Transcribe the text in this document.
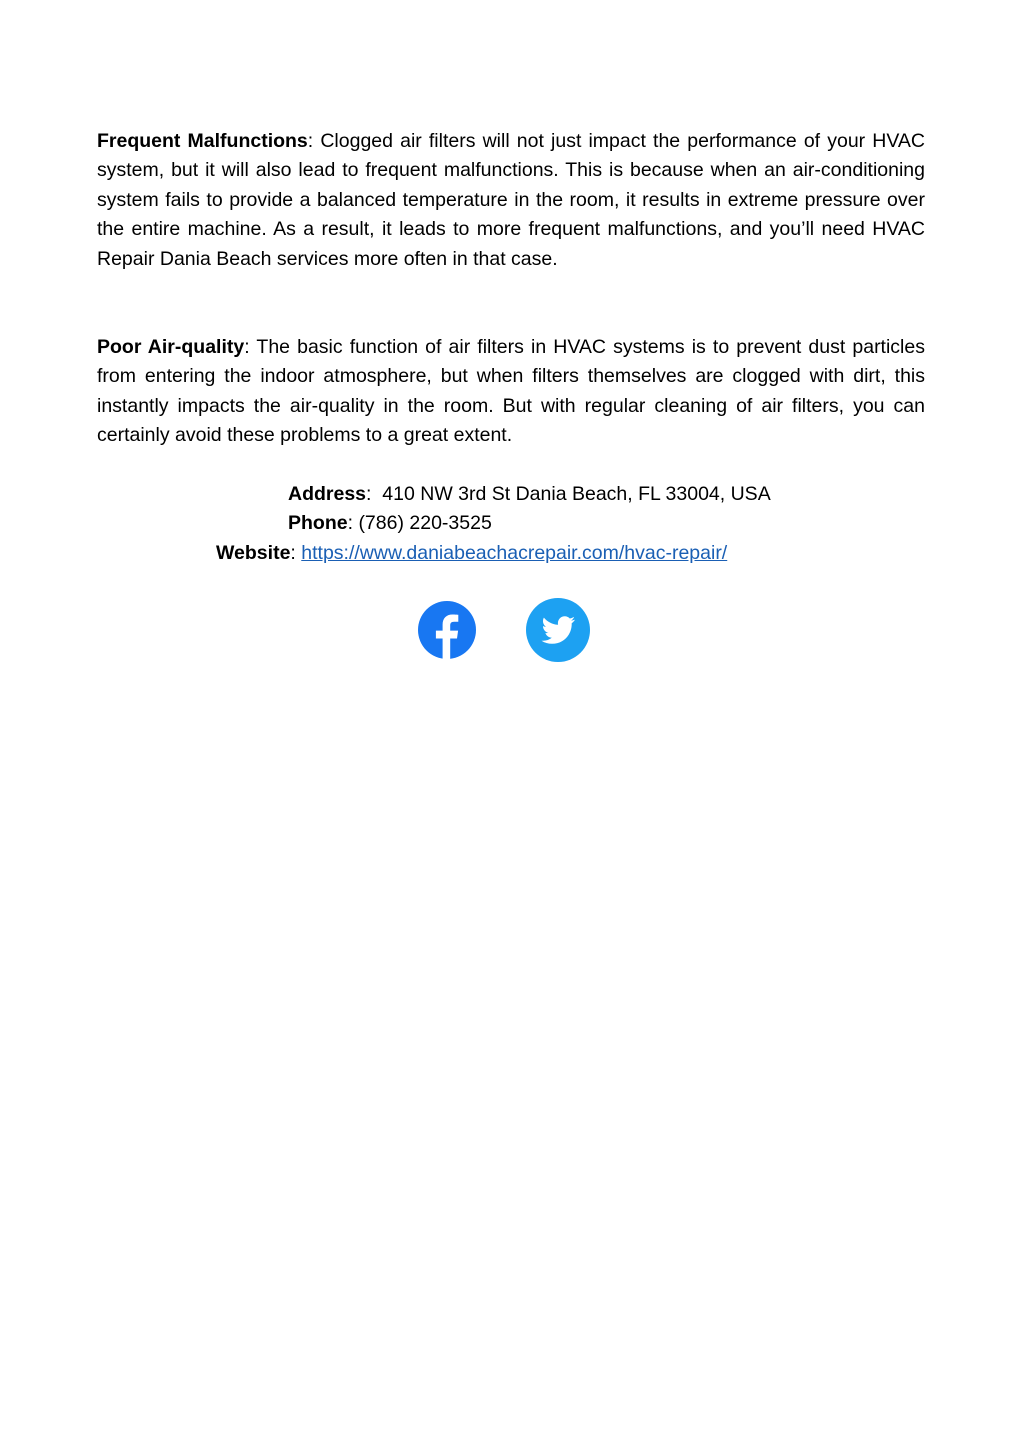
Frequent Malfunctions: Clogged air filters will not just impact the performance of your HVAC system, but it will also lead to frequent malfunctions. This is because when an air-conditioning system fails to provide a balanced temperature in the room, it results in extreme pressure over the entire machine. As a result, it leads to more frequent malfunctions, and you’ll need HVAC Repair Dania Beach services more often in that case.

Poor Air-quality: The basic function of air filters in HVAC systems is to prevent dust particles from entering the indoor atmosphere, but when filters themselves are clogged with dirt, this instantly impacts the air-quality in the room. But with regular cleaning of air filters, you can certainly avoid these problems to a great extent.

Address:  410 NW 3rd St Dania Beach, FL 33004, USA

Phone: (786) 220-3525

Website: https://www.daniabeachacrepair.com/hvac-repair/
